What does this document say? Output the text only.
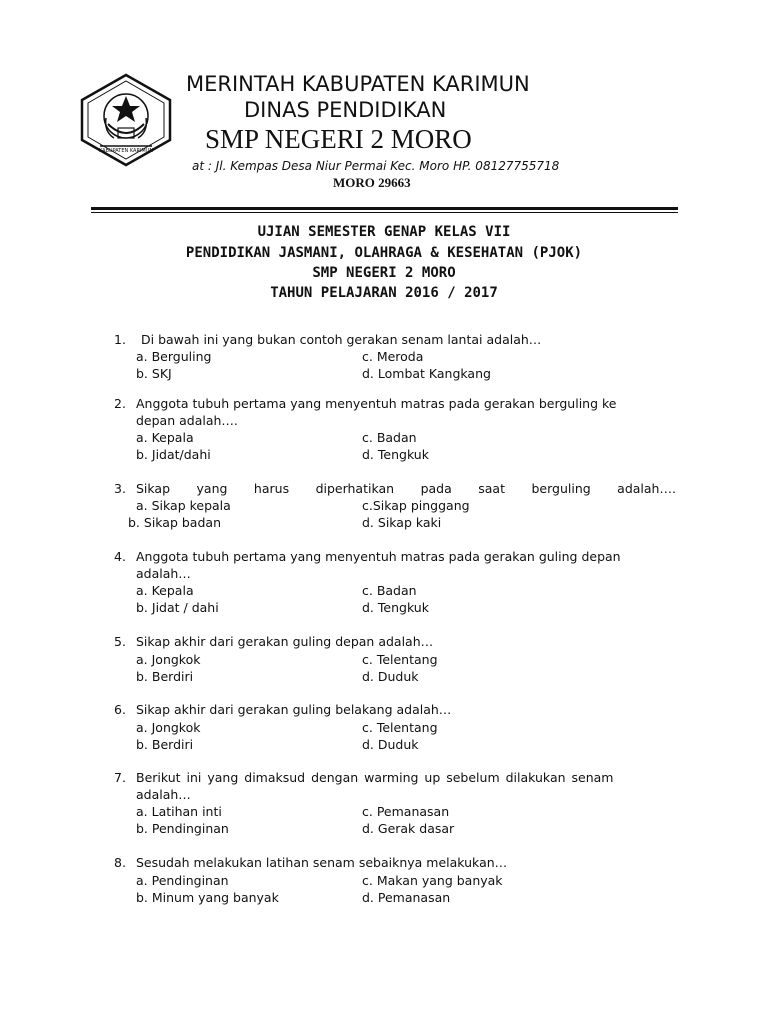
KABUPATEN KARIMUN
MERINTAH KABUPATEN KARIMUN
DINAS PENDIDIKAN
SMP NEGERI 2 MORO
at : Jl. Kempas Desa Niur Permai Kec. Moro HP. 08127755718
MORO 29663
UJIAN SEMESTER GENAP KELAS VII
PENDIDIKAN JASMANI, OLAHRAGA & KESEHATAN (PJOK)
SMP NEGERI 2 MORO
TAHUN PELAJARAN 2016 / 2017
1. Di bawah ini yang bukan contoh gerakan senam lantai adalah…
a. Berguling	c. Meroda
b. SKJ	d. Lombat Kangkang
2. Anggota tubuh pertama yang menyentuh matras pada gerakan berguling ke
depan adalah….
a. Kepala	c. Badan
b. Jidat/dahi	d. Tengkuk
3. Sikap yang harus diperhatikan pada saat berguling adalah….
a. Sikap kepala	c.Sikap pinggang
b. Sikap badan	d. Sikap kaki
4. Anggota tubuh pertama yang menyentuh matras pada gerakan guling depan
adalah…
a. Kepala	c. Badan
b. Jidat / dahi	d. Tengkuk
5. Sikap akhir dari gerakan guling depan adalah…
a. Jongkok	c. Telentang
b. Berdiri	d. Duduk
6. Sikap akhir dari gerakan guling belakang adalah…
a. Jongkok	c. Telentang
b. Berdiri	d. Duduk
7. Berikut ini yang dimaksud dengan warming up sebelum dilakukan senam
adalah…
a. Latihan inti	c. Pemanasan
b. Pendinginan	d. Gerak dasar
8. Sesudah melakukan latihan senam sebaiknya melakukan…
a. Pendinginan	c. Makan yang banyak
b. Minum yang banyak	d. Pemanasan
